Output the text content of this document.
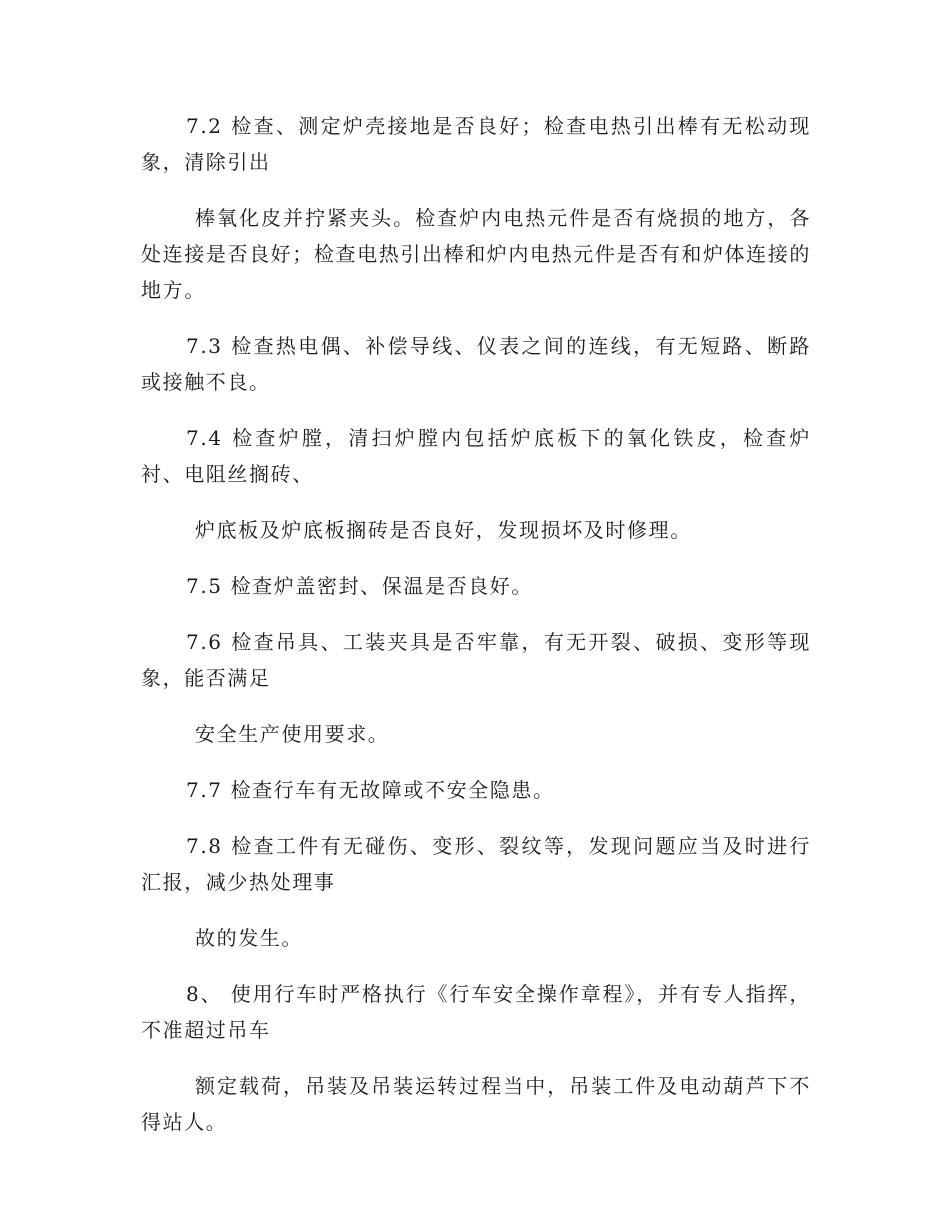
7.2 检查、测定炉壳接地是否良好；检查电热引出棒有无松动现象，清除引出

棒氧化皮并拧紧夹头。检查炉内电热元件是否有烧损的地方，各处连接是否良好；检查电热引出棒和炉内电热元件是否有和炉体连接的地方。

7.3 检查热电偶、补偿导线、仪表之间的连线，有无短路、断路或接触不良。

7.4 检查炉膛，清扫炉膛内包括炉底板下的氧化铁皮，检查炉衬、电阻丝搁砖、

炉底板及炉底板搁砖是否良好，发现损坏及时修理。

7.5 检查炉盖密封、保温是否良好。

7.6 检查吊具、工装夹具是否牢靠，有无开裂、破损、变形等现象，能否满足

安全生产使用要求。

7.7 检查行车有无故障或不安全隐患。

7.8 检查工件有无碰伤、变形、裂纹等，发现问题应当及时进行汇报，减少热处理事

故的发生。

8、 使用行车时严格执行《行车安全操作章程》，并有专人指挥，不准超过吊车

额定载荷，吊装及吊装运转过程当中，吊装工件及电动葫芦下不得站人。
